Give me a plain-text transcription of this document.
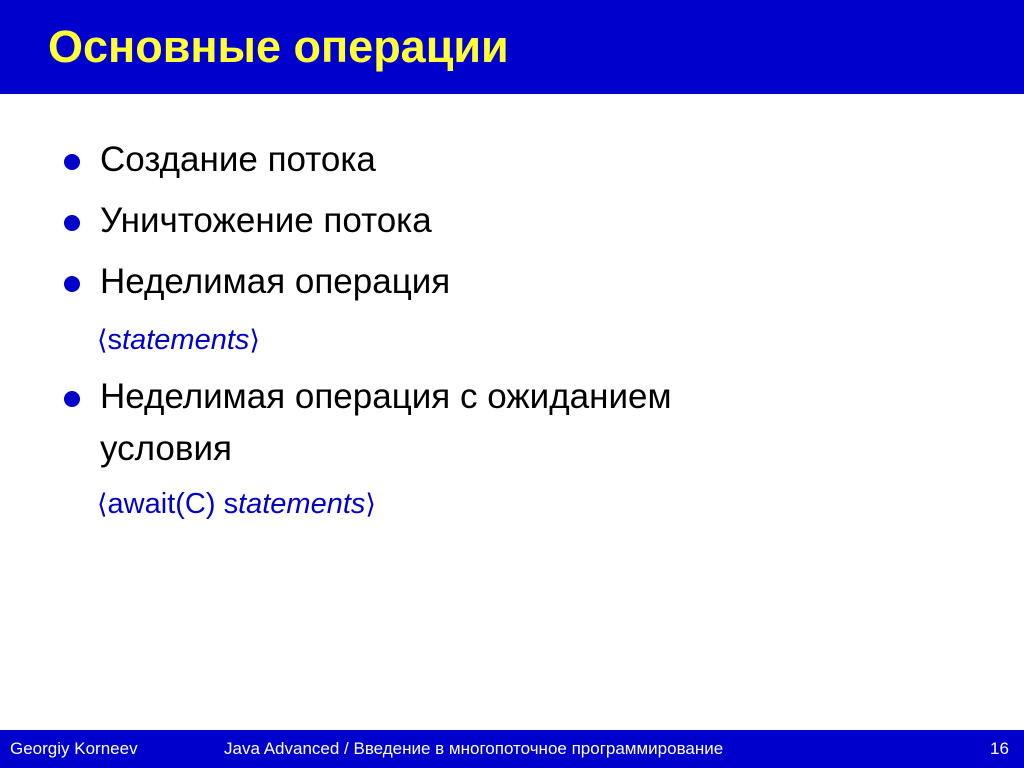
Основные операции
Создание потока
Уничтожение потока
Неделимая операция
⟨statements⟩
Неделимая операция с ожиданием
условия
⟨await(C) statements⟩
Georgiy Korneev	Java Advanced / Введение в многопоточное программирование	16
